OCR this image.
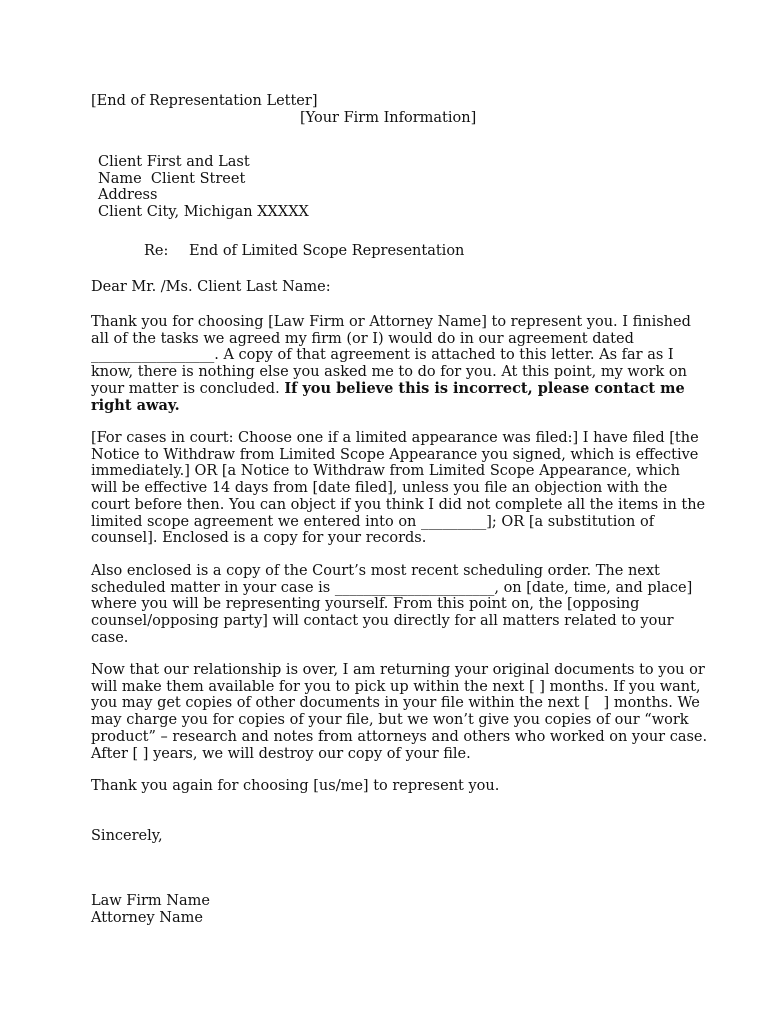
[End of Representation Letter]
[Your Firm Information]
Client First and Last
Name  Client Street
Address
Client City, Michigan XXXXX
Re: End of Limited Scope Representation
Dear Mr. /Ms. Client Last Name:
Thank you for choosing [Law Firm or Attorney Name] to represent you. I finished
all of the tasks we agreed my firm (or I) would do in our agreement dated
_________________. A copy of that agreement is attached to this letter. As far as I
know, there is nothing else you asked me to do for you. At this point, my work on
your matter is concluded. If you believe this is incorrect, please contact me
right away.
[For cases in court: Choose one if a limited appearance was filed:] I have filed [the
Notice to Withdraw from Limited Scope Appearance you signed, which is effective
immediately.] OR [a Notice to Withdraw from Limited Scope Appearance, which
will be effective 14 days from [date filed], unless you file an objection with the
court before then. You can object if you think I did not complete all the items in the
limited scope agreement we entered into on _________]; OR [a substitution of
counsel]. Enclosed is a copy for your records.
Also enclosed is a copy of the Court’s most recent scheduling order. The next
scheduled matter in your case is ______________________, on [date, time, and place]
where you will be representing yourself. From this point on, the [opposing
counsel/opposing party] will contact you directly for all matters related to your
case.
Now that our relationship is over, I am returning your original documents to you or
will make them available for you to pick up within the next [ ] months. If you want,
you may get copies of other documents in your file within the next [   ] months. We
may charge you for copies of your file, but we won’t give you copies of our “work
product” – research and notes from attorneys and others who worked on your case.
After [ ] years, we will destroy our copy of your file.
Thank you again for choosing [us/me] to represent you.
Sincerely,
Law Firm Name
Attorney Name
